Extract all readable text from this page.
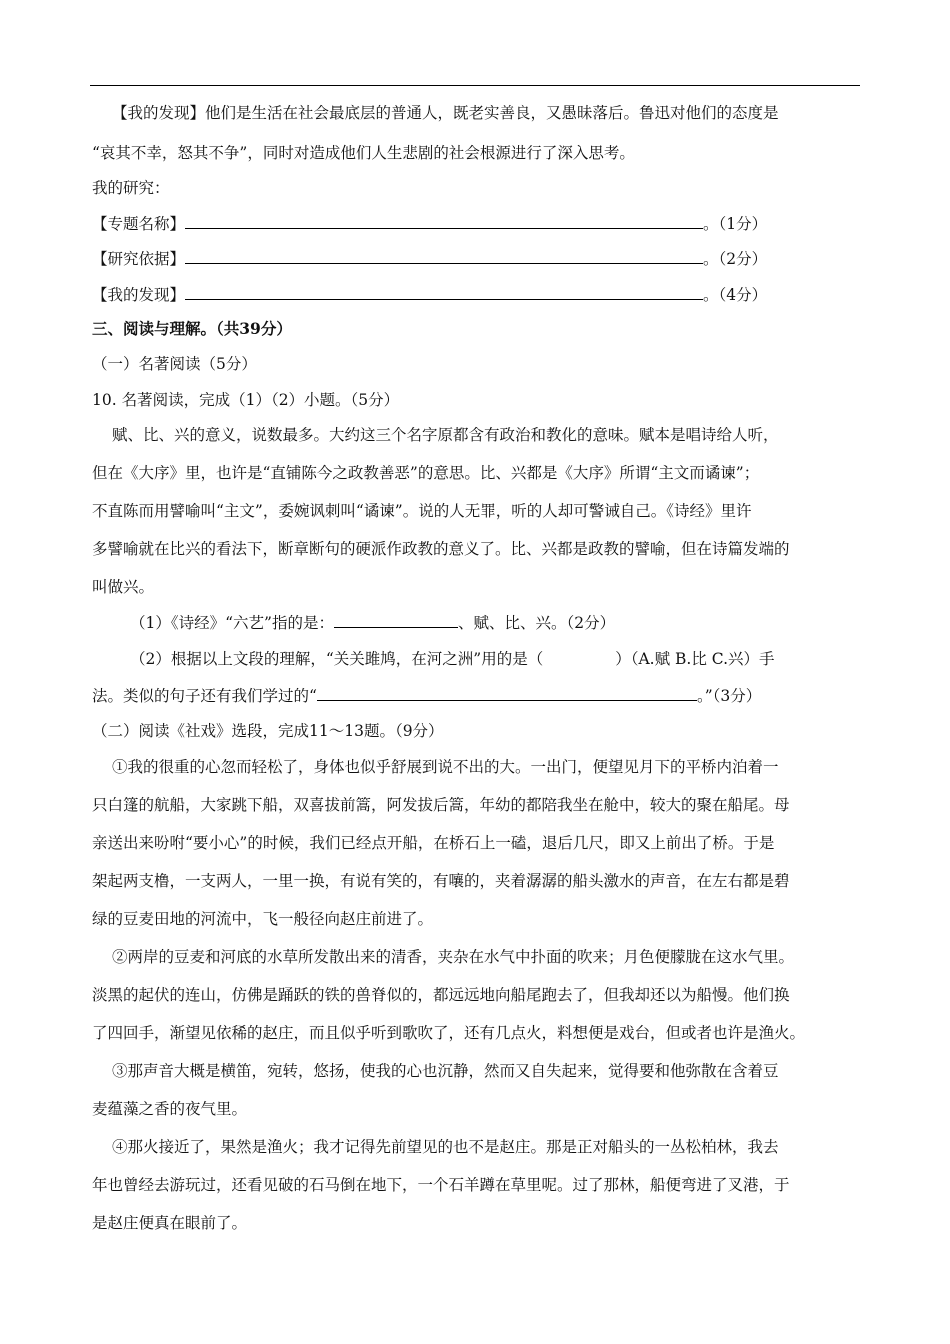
【我的发现】他们是生活在社会最底层的普通人，既老实善良，又愚昧落后。鲁迅对他们的态度是
“哀其不幸，怒其不争”，同时对造成他们人生悲剧的社会根源进行了深入思考。
我的研究：
【专题名称】	。（1分）
【研究依据】	。（2分）
【我的发现】	。（4分）
三、阅读与理解。（共39分）
（一）名著阅读（5分）
10. 名著阅读，完成（1）（2）小题。（5分）
赋、比、兴的意义，说数最多。大约这三个名字原都含有政治和教化的意味。赋本是唱诗给人听，
但在《大序》里，也许是“直铺陈今之政教善恶”的意思。比、兴都是《大序》所谓“主文而谲谏”；
不直陈而用譬喻叫“主文”，委婉讽刺叫“谲谏”。说的人无罪，听的人却可警诫自己。《诗经》里许
多譬喻就在比兴的看法下，断章断句的硬派作政教的意义了。比、兴都是政教的譬喻，但在诗篇发端的
叫做兴。
（1）《诗经》“六艺”指的是：	、赋、比、兴。（2分）
（2）根据以上文段的理解，“关关雎鸠，在河之洲”用的是（	）（A.赋 B.比 C.兴）手
法。类似的句子还有我们学过的“	。”（3分）
（二）阅读《社戏》选段，完成11～13题。（9分）
①我的很重的心忽而轻松了，身体也似乎舒展到说不出的大。一出门，便望见月下的平桥内泊着一
只白篷的航船，大家跳下船，双喜拔前篙，阿发拔后篙，年幼的都陪我坐在舱中，较大的聚在船尾。母
亲送出来吩咐“要小心”的时候，我们已经点开船，在桥石上一磕，退后几尺，即又上前出了桥。于是
架起两支橹，一支两人，一里一换，有说有笑的，有嚷的，夹着潺潺的船头激水的声音，在左右都是碧
绿的豆麦田地的河流中，飞一般径向赵庄前进了。
②两岸的豆麦和河底的水草所发散出来的清香，夹杂在水气中扑面的吹来；月色便朦胧在这水气里。
淡黑的起伏的连山，仿佛是踊跃的铁的兽脊似的，都远远地向船尾跑去了，但我却还以为船慢。他们换
了四回手，渐望见依稀的赵庄，而且似乎听到歌吹了，还有几点火，料想便是戏台，但或者也许是渔火。
③那声音大概是横笛，宛转，悠扬，使我的心也沉静，然而又自失起来，觉得要和他弥散在含着豆
麦蕴藻之香的夜气里。
④那火接近了，果然是渔火；我才记得先前望见的也不是赵庄。那是正对船头的一丛松柏林，我去
年也曾经去游玩过，还看见破的石马倒在地下，一个石羊蹲在草里呢。过了那林，船便弯进了叉港，于
是赵庄便真在眼前了。
